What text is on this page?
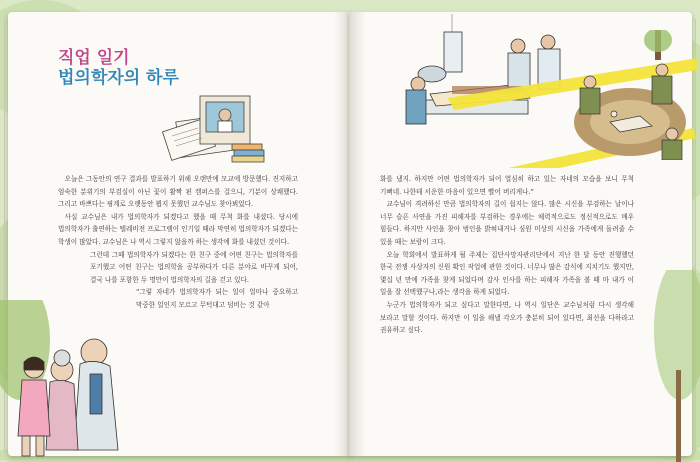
직업 일기
법의학자의 하루

오늘은 그동안의 연구 결과를 발표하기 위해 오랜만에 모교에 방문했다. 진지하고 엄숙한 분위기의 부검실이 아닌 꽃이 활짝 핀 캠퍼스를 걸으니, 기분이 상쾌했다. 그리고 바쁘다는 핑계로 오랫동안 뵙지 못했던 교수님도 찾아뵈었다.

사실 교수님은 내가 법의학자가 되겠다고 했을 때 무척 화를 내셨다. 당시에 법의학자가 출연하는 텔레비전 프로그램이 인기일 때라 막연히 법의학자가 되겠다는 학생이 많았다. 교수님은 나 역시 그렇지 않을까 하는 생각에 화를 내셨던 것이다.

그런데 그때 법의학자가 되겠다는 한 친구 중에 어떤 친구는 법의학자를 포기했고 어떤 친구는 법의학을 공부하다가 다른 분야로 바꾸게 되어, 결국 나를 포함한 두 명만이 법의학자의 길을 걷고 있다.

“그렇 자네가 법의학자가 되는 일이 얼마나 중요하고 막중한 일인지 모르고 무턱대고 덤비는 것 같아

화를 냈지. 하지만 어떤 법의학자가 되어 열심히 하고 있는 자네의 모습을 보니 무척 기뻐네. 나한테 서운한 마음이 있으면 빨어 버리게나.”

교수님이 격려하신 만큼 법의학자의 길이 쉽지는 않다. 많은 시신을 부검하는 날이나 너무 슬픈 사연을 가진 피해자를 부검하는 경우에는 체력적으로도 정신적으로도 매우 힘들다. 하지만 사인을 찾아 범인을 밝혀내거나 심원 미상의 시신을 가족에게 돌려줄 수 있을 때는 보람이 크다.

오늘 학회에서 발표하게 될 주제는 집단사망자관리단에서 지난 한 달 동안 진행했던 한국 전쟁 사상자의 신원 확인 작업에 관한 것이다. 너무나 많은 감식에 지치기도 했지만, 몇십 년 만에 가족을 찾게 되었다며 감사 인사를 하는 피해자 가족을 볼 때 마 내가 이 일을 잘 선택했구나,라는 생각을 하게 되었다.

누군가 법의학자가 되고 싶다고 말한다면, 나 역시 일단은 교수님처럼 다시 생각해 보라고 말할 것이다. 하지만 이 일을 해낼 각오가 충분히 되어 있다면, 최선을 다하라고 권유하고 싶다.
